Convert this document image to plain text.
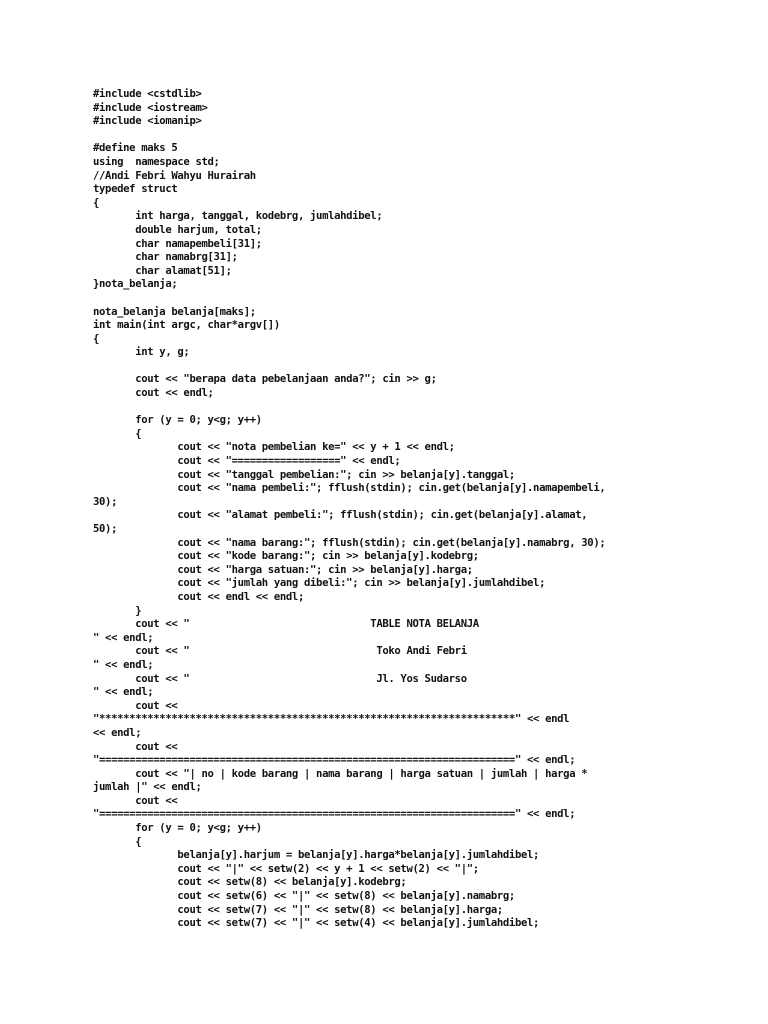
#include <cstdlib>
#include <iostream>
#include <iomanip>
#define maks 5
using  namespace std;
//Andi Febri Wahyu Hurairah
typedef struct
{
int harga, tanggal, kodebrg, jumlahdibel;
double harjum, total;
char namapembeli[31];
char namabrg[31];
char alamat[51];
}nota_belanja;
nota_belanja belanja[maks];
int main(int argc, char*argv[])
{
int y, g;
cout << "berapa data pebelanjaan anda?"; cin >> g;
cout << endl;
for (y = 0; y<g; y++)
{
cout << "nota pembelian ke=" << y + 1 << endl;
cout << "==================" << endl;
cout << "tanggal pembelian:"; cin >> belanja[y].tanggal;
cout << "nama pembeli:"; fflush(stdin); cin.get(belanja[y].namapembeli,
30);
cout << "alamat pembeli:"; fflush(stdin); cin.get(belanja[y].alamat,
50);
cout << "nama barang:"; fflush(stdin); cin.get(belanja[y].namabrg, 30);
cout << "kode barang:"; cin >> belanja[y].kodebrg;
cout << "harga satuan:"; cin >> belanja[y].harga;
cout << "jumlah yang dibeli:"; cin >> belanja[y].jumlahdibel;
cout << endl << endl;
}
cout << "                              TABLE NOTA BELANJA
" << endl;
cout << "                               Toko Andi Febri
" << endl;
cout << "                               Jl. Yos Sudarso
" << endl;
cout <<
"*********************************************************************" << endl
<< endl;
cout <<
"=====================================================================" << endl;
cout << "| no | kode barang | nama barang | harga satuan | jumlah | harga *
jumlah |" << endl;
cout <<
"=====================================================================" << endl;
for (y = 0; y<g; y++)
{
belanja[y].harjum = belanja[y].harga*belanja[y].jumlahdibel;
cout << "|" << setw(2) << y + 1 << setw(2) << "|";
cout << setw(8) << belanja[y].kodebrg;
cout << setw(6) << "|" << setw(8) << belanja[y].namabrg;
cout << setw(7) << "|" << setw(8) << belanja[y].harga;
cout << setw(7) << "|" << setw(4) << belanja[y].jumlahdibel;
